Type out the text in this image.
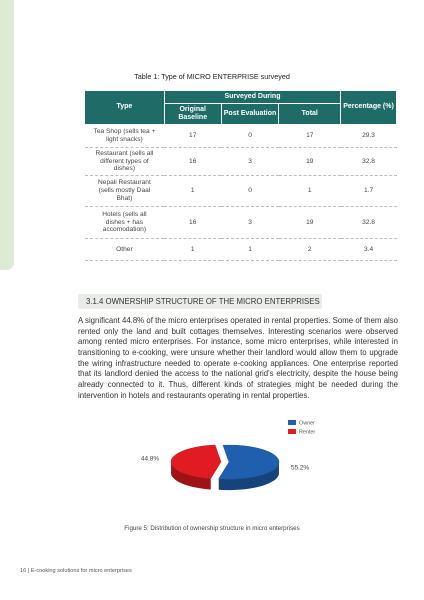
Table 1: Type of MICRO ENTERPRISE surveyed
Type	Surveyed During			Percentage (%)
	Original Baseline	Post Evaluation	Total	
Tea Shop (sells tea + light snacks)	17	0	17	29.3
Restaurant (sells all different types of dishes)	16	3	19	32.8
Nepali Restaurant (sells mostly Daal Bhat)	1	0	1	1.7
Hotels (sells all dishes + has accomodation)	16	3	19	32.8
Other	1	1	2	3.4
3.1.4 OWNERSHIP STRUCTURE OF THE MICRO ENTERPRISES

A significant 44.8% of the micro enterprises operated in rental properties. Some of them also rented only the land and built cottages themselves. Interesting scenarios were observed among rented micro enterprises. For instance, some micro enterprises, while interested in transitioning to e-cooking, were unsure whether their landlord would allow them to upgrade the wiring infrastructure needed to operate e-cooking appliances. One enterprise reported that its landlord denied the access to the national grid's electricity, despite the house being already connected to it. Thus, different kinds of strategies might be needed during the intervention in hotels and restaurants operating in rental properties.

55.2%
44.8%
Owner
Renter
Figure 5: Distribution of ownership structure in micro enterprises
16 | E-cooking solutions for micro enterprises
